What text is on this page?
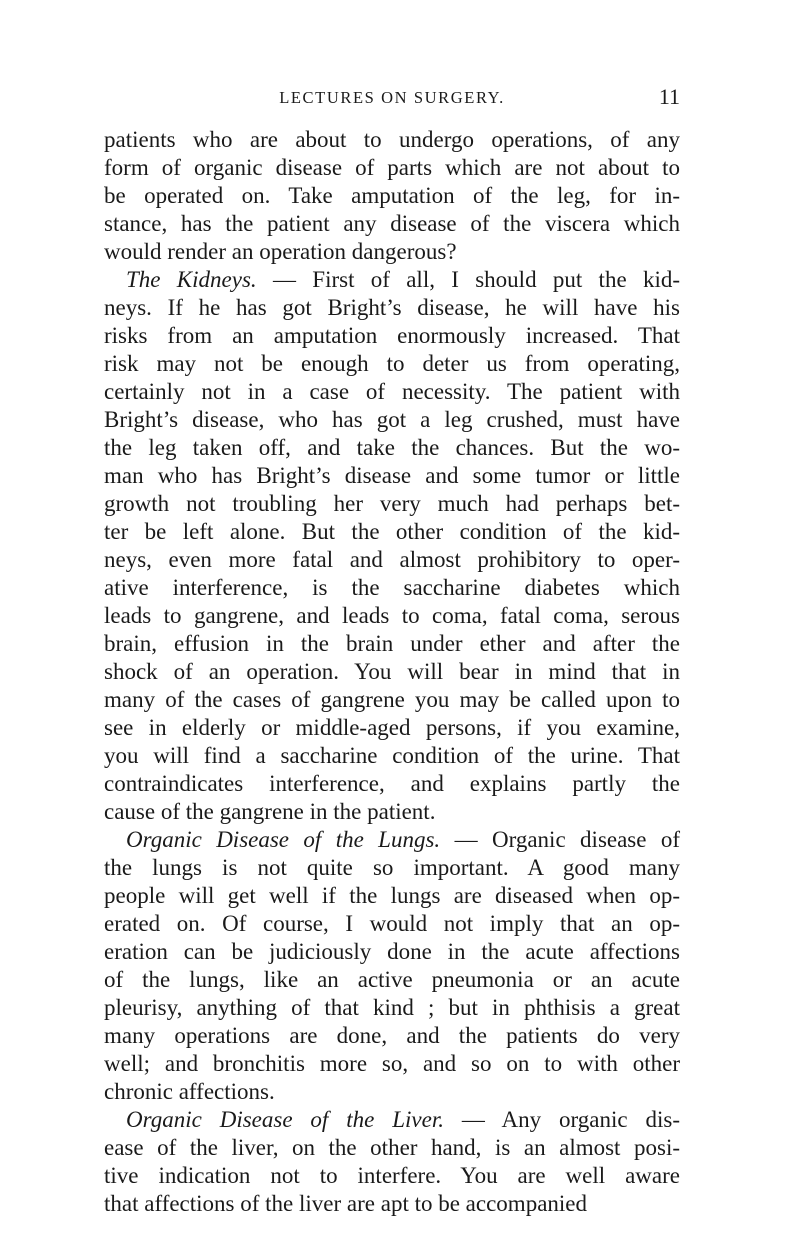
LECTURES ON SURGERY.	11
patients who are about to undergo operations, of any
form of organic disease of parts which are not about to
be operated on. Take amputation of the leg, for in-
stance, has the patient any disease of the viscera which
would render an operation dangerous?
The Kidneys. — First of all, I should put the kid-
neys. If he has got Bright’s disease, he will have his
risks from an amputation enormously increased. That
risk may not be enough to deter us from operating,
certainly not in a case of necessity. The patient with
Bright’s disease, who has got a leg crushed, must have
the leg taken off, and take the chances. But the wo-
man who has Bright’s disease and some tumor or little
growth not troubling her very much had perhaps bet-
ter be left alone. But the other condition of the kid-
neys, even more fatal and almost prohibitory to oper-
ative interference, is the saccharine diabetes which
leads to gangrene, and leads to coma, fatal coma, serous
brain, effusion in the brain under ether and after the
shock of an operation. You will bear in mind that in
many of the cases of gangrene you may be called upon to
see in elderly or middle-aged persons, if you examine,
you will find a saccharine condition of the urine. That
contraindicates interference, and explains partly the
cause of the gangrene in the patient.
Organic Disease of the Lungs. — Organic disease of
the lungs is not quite so important. A good many
people will get well if the lungs are diseased when op-
erated on. Of course, I would not imply that an op-
eration can be judiciously done in the acute affections
of the lungs, like an active pneumonia or an acute
pleurisy, anything of that kind ; but in phthisis a great
many operations are done, and the patients do very
well; and bronchitis more so, and so on to with other
chronic affections.
Organic Disease of the Liver. — Any organic dis-
ease of the liver, on the other hand, is an almost posi-
tive indication not to interfere. You are well aware
that affections of the liver are apt to be accompanied
